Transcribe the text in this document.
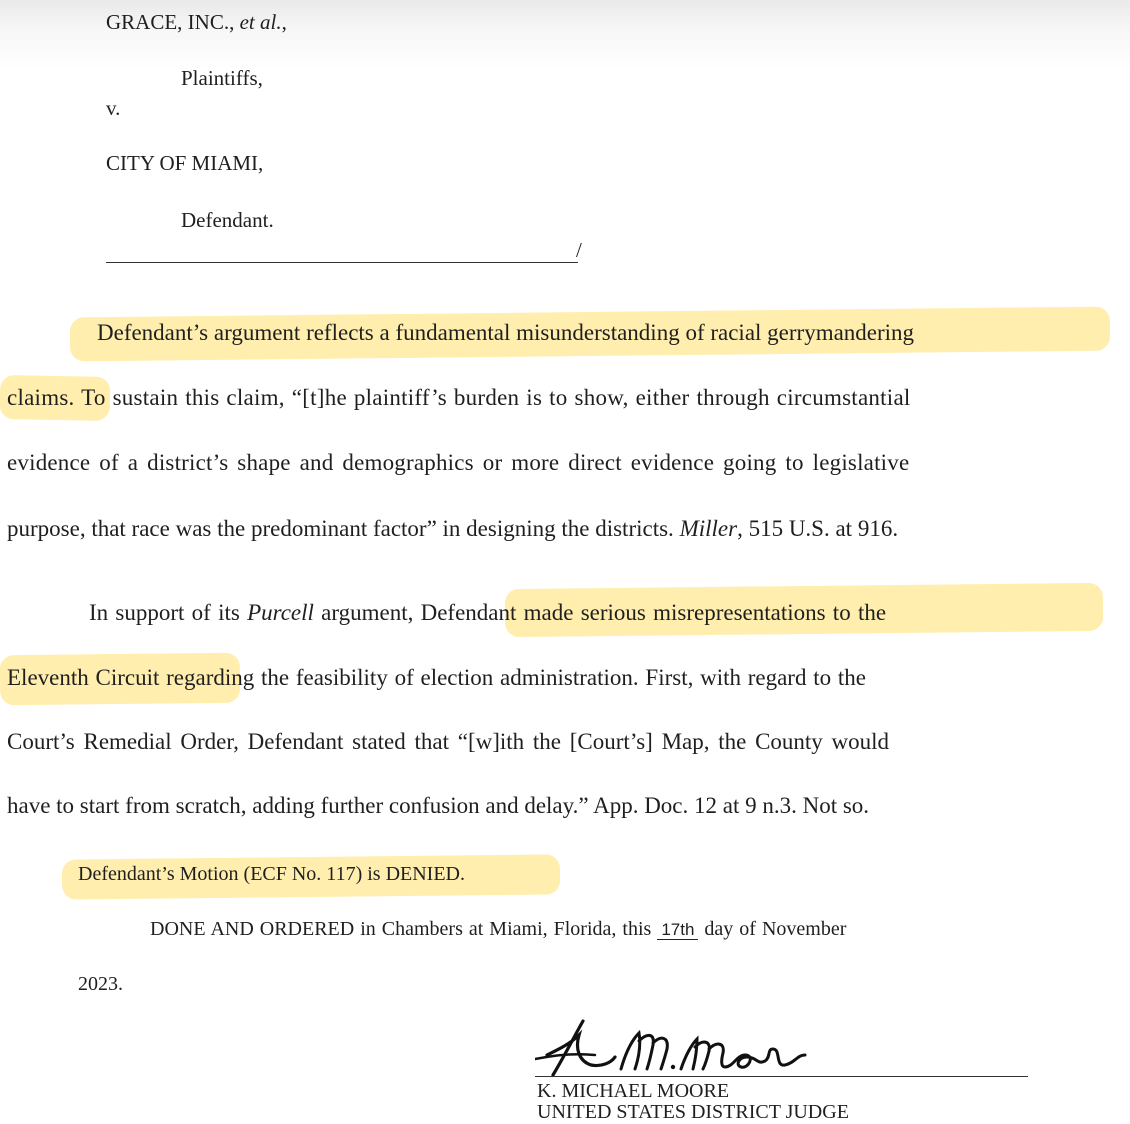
GRACE, INC., et al.,
Plaintiffs,
v.
CITY OF MIAMI,
Defendant.
/
Defendant’s argument reflects a fundamental misunderstanding of racial gerrymandering
claims. To sustain this claim, “[t]he plaintiff’s burden is to show, either through circumstantial
evidence of a district’s shape and demographics or more direct evidence going to legislative
purpose, that race was the predominant factor” in designing the districts. Miller, 515 U.S. at 916.
In support of its Purcell argument, Defendant made serious misrepresentations to the
Eleventh Circuit regarding the feasibility of election administration. First, with regard to the
Court’s Remedial Order, Defendant stated that “[w]ith the [Court’s] Map, the County would
have to start from scratch, adding further confusion and delay.” App. Doc. 12 at 9 n.3. Not so.
Defendant’s Motion (ECF No. 117) is DENIED.
DONE AND ORDERED in Chambers at Miami, Florida, this 17th day of November
2023.
K. MICHAEL MOORE
UNITED STATES DISTRICT JUDGE
